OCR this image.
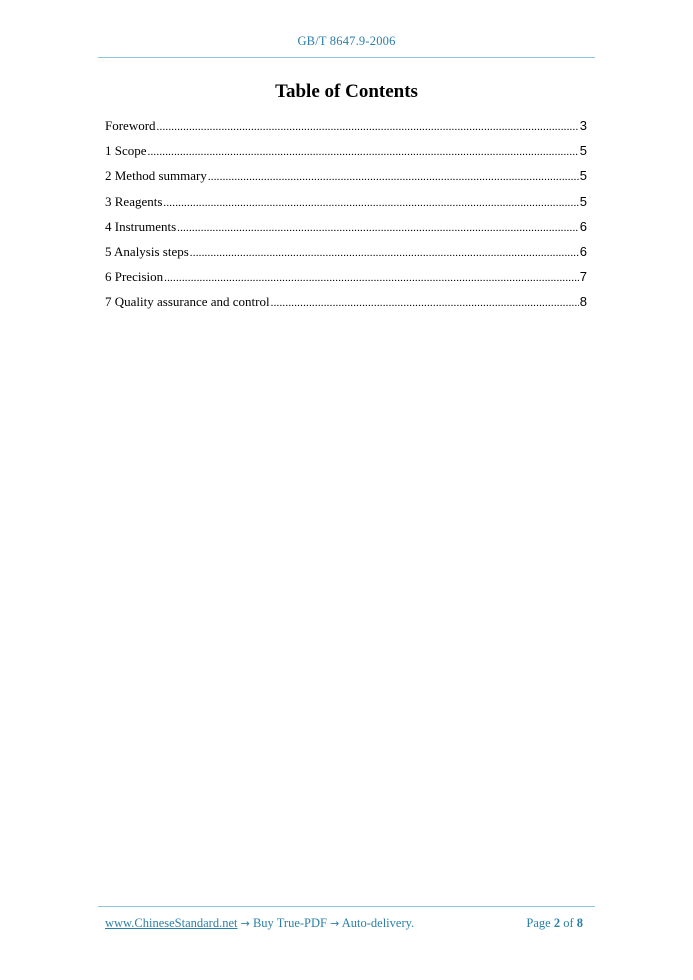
GB/T 8647.9-2006
Table of Contents
Foreword .....	3
1 Scope .....	5
2 Method summary .....	5
3 Reagents .....	5
4 Instruments .....	6
5 Analysis steps .....	6
6 Precision .....	7
7 Quality assurance and control .....	8
www.ChineseStandard.net → Buy True-PDF → Auto-delivery.	Page 2 of 8
